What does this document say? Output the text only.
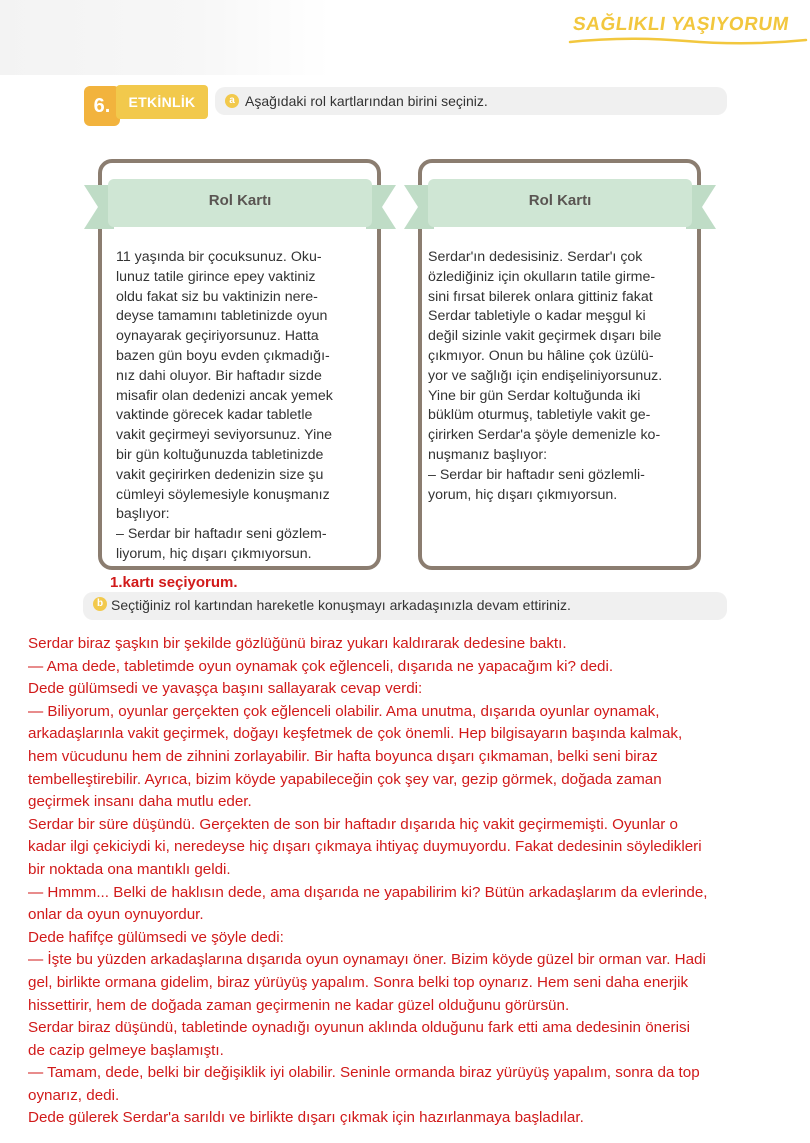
SAĞLIKLI YAŞIYORUM
6.	ETKİNLİK	a Aşağıdaki rol kartlarından birini seçiniz.
Rol Kartı
11 yaşında bir çocuksunuz. Oku-
lunuz tatile girince epey vaktiniz
oldu fakat siz bu vaktinizin nere-
deyse tamamını tabletinizde oyun
oynayarak geçiriyorsunuz. Hatta
bazen gün boyu evden çıkmadığı-
nız dahi oluyor. Bir haftadır sizde
misafir olan dedenizi ancak yemek
vaktinde görecek kadar tabletle
vakit geçirmeyi seviyorsunuz. Yine
bir gün koltuğunuzda tabletinizde
vakit geçirirken dedenizin size şu
cümleyi söylemesiyle konuşmanız
başlıyor:
– Serdar bir haftadır seni gözlem-
liyorum, hiç dışarı çıkmıyorsun.
Rol Kartı
Serdar'ın dedesisiniz. Serdar'ı çok
özlediğiniz için okulların tatile girme-
sini fırsat bilerek onlara gittiniz fakat
Serdar tabletiyle o kadar meşgul ki
değil sizinle vakit geçirmek dışarı bile
çıkmıyor. Onun bu hâline çok üzülü-
yor ve sağlığı için endişeliniyorsunuz.
Yine bir gün Serdar koltuğunda iki
büklüm oturmuş, tabletiyle vakit ge-
çirirken Serdar'a şöyle demenizle ko-
nuşmanız başlıyor:
– Serdar bir haftadır seni gözlemli-
yorum, hiç dışarı çıkmıyorsun.
1.kartı seçiyorum.
b Seçtiğiniz rol kartından hareketle konuşmayı arkadaşınızla devam ettiriniz.

Serdar biraz şaşkın bir şekilde gözlüğünü biraz yukarı kaldırarak dedesine baktı.

— Ama dede, tabletimde oyun oynamak çok eğlenceli, dışarıda ne yapacağım ki? dedi.

Dede gülümsedi ve yavaşça başını sallayarak cevap verdi:

— Biliyorum, oyunlar gerçekten çok eğlenceli olabilir. Ama unutma, dışarıda oyunlar oynamak,

arkadaşlarınla vakit geçirmek, doğayı keşfetmek de çok önemli. Hep bilgisayarın başında kalmak,

hem vücudunu hem de zihnini zorlayabilir. Bir hafta boyunca dışarı çıkmaman, belki seni biraz

tembelleştirebilir. Ayrıca, bizim köyde yapabileceğin çok şey var, gezip görmek, doğada zaman

geçirmek insanı daha mutlu eder.

Serdar bir süre düşündü. Gerçekten de son bir haftadır dışarıda hiç vakit geçirmemişti. Oyunlar o

kadar ilgi çekiciydi ki, neredeyse hiç dışarı çıkmaya ihtiyaç duymuyordu. Fakat dedesinin söyledikleri

bir noktada ona mantıklı geldi.

— Hmmm... Belki de haklısın dede, ama dışarıda ne yapabilirim ki? Bütün arkadaşlarım da evlerinde,

onlar da oyun oynuyordur.

Dede hafifçe gülümsedi ve şöyle dedi:

— İşte bu yüzden arkadaşlarına dışarıda oyun oynamayı öner. Bizim köyde güzel bir orman var. Hadi

gel, birlikte ormana gidelim, biraz yürüyüş yapalım. Sonra belki top oynarız. Hem seni daha enerjik

hissettirir, hem de doğada zaman geçirmenin ne kadar güzel olduğunu görürsün.

Serdar biraz düşündü, tabletinde oynadığı oyunun aklında olduğunu fark etti ama dedesinin önerisi

de cazip gelmeye başlamıştı.

— Tamam, dede, belki bir değişiklik iyi olabilir. Seninle ormanda biraz yürüyüş yapalım, sonra da top

oynarız, dedi.

Dede gülerek Serdar'a sarıldı ve birlikte dışarı çıkmak için hazırlanmaya başladılar.
